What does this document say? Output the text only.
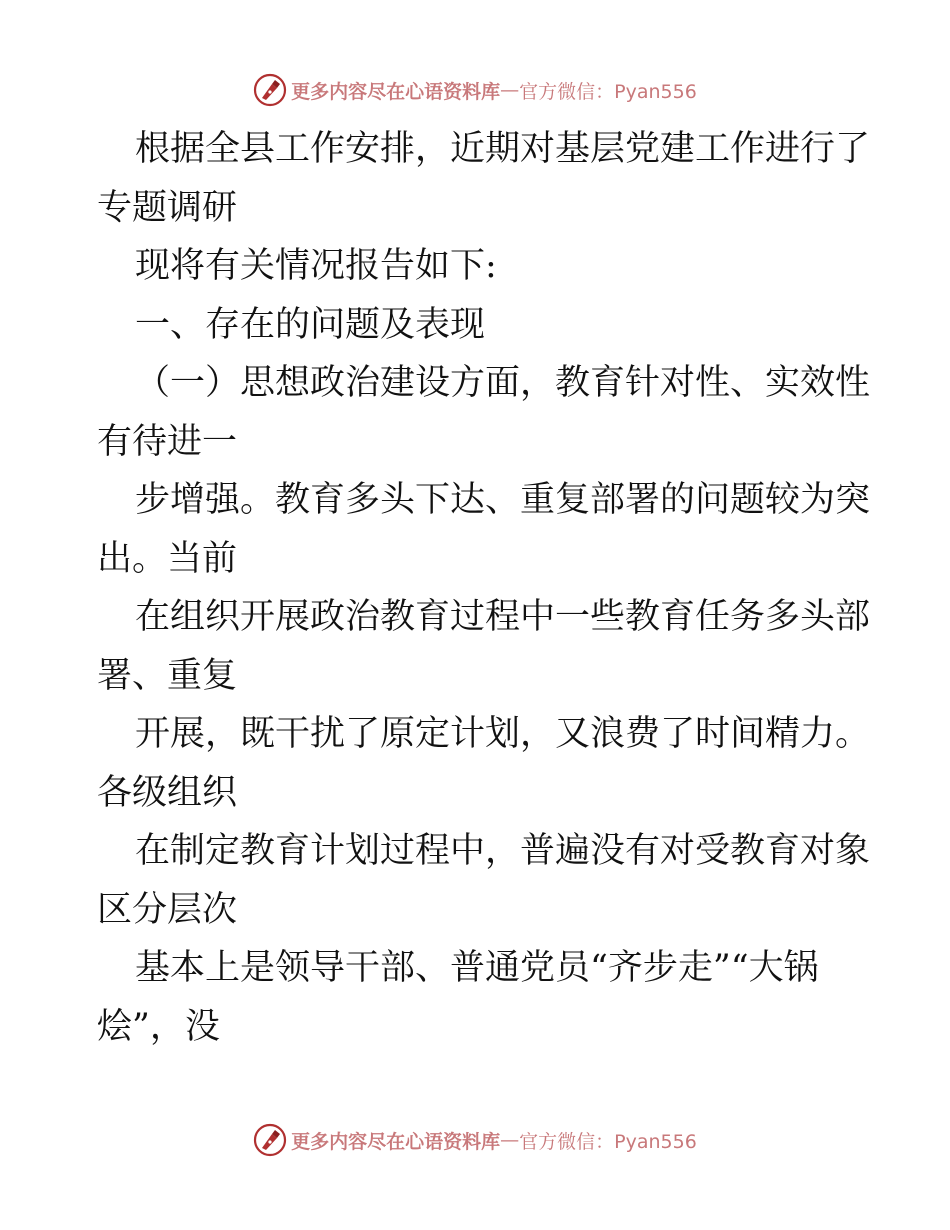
更多内容尽在心语资料库 — 官方微信：Pyan556
根据全县工作安排，近期对基层党建工作进行了
专题调研
现将有关情况报告如下:
一、存在的问题及表现
（一）思想政治建设方面，教育针对性、实效性
有待进一
步增强。教育多头下达、重复部署的问题较为突
出。当前
在组织开展政治教育过程中一些教育任务多头部
署、重复
开展，既干扰了原定计划，又浪费了时间精力。
各级组织
在制定教育计划过程中，普遍没有对受教育对象
区分层次
基本上是领导干部、普通党员“齐步走”“大锅
烩”，没
更多内容尽在心语资料库 — 官方微信：Pyan556
